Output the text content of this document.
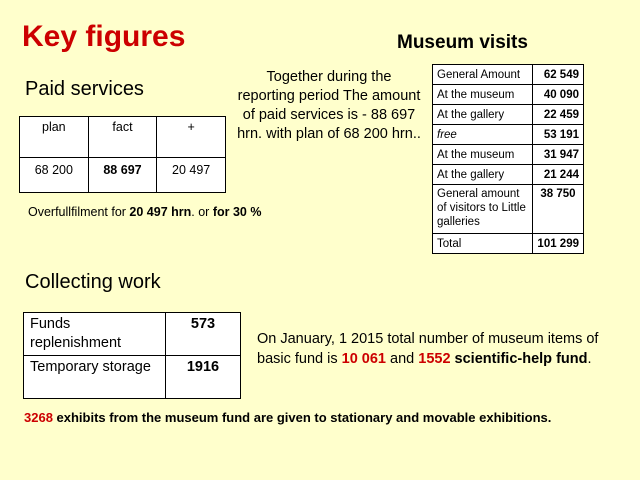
Key figures	Museum visits
General Amount	62 549
At the museum	40 090
At the gallery	22 459
free	53 191
At the museum	31 947
At the gallery	21 244
General amount of visitors to Little galleries	38 750
Total	101 299
Paid services
plan	fact	+
68 200	88 697	20 497
Together during the reporting period The amount of paid services is - 88 697 hrn. with plan of 68 200 hrn..
Overfullfilment for 20 497 hrn. or for 30 %
Collecting work
Funds replenishment	573
Temporary storage	1916
On January, 1 2015 total number of museum items of basic fund is 10 061 and 1552 scientific-help fund.
3268 exhibits from the museum fund are given to stationary and movable exhibitions.
